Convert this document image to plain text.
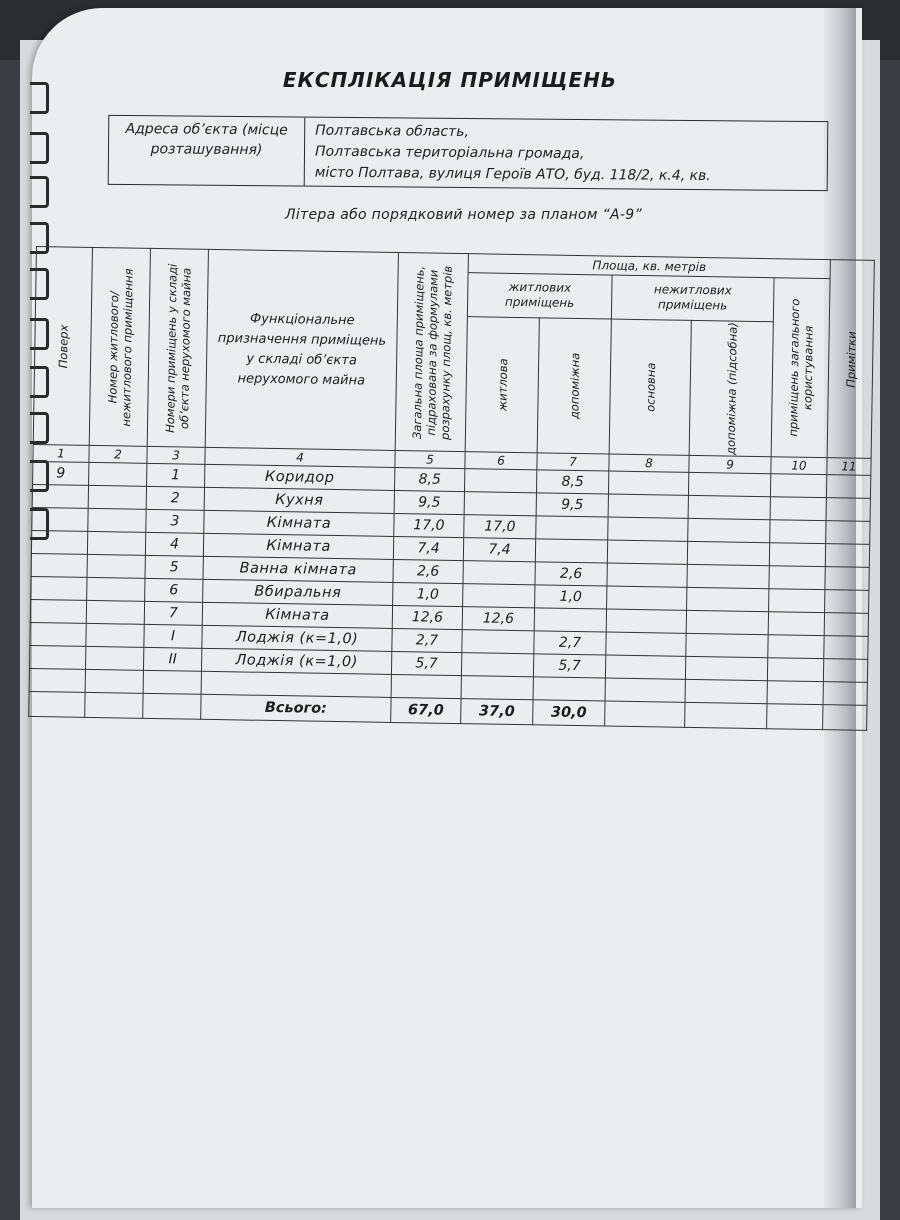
ЕКСПЛІКАЦІЯ ПРИМІЩЕНЬ
Адреса об’єкта (місце розташування)
Полтавська область,
Полтавська територіальна громада,
місто Полтава, вулиця Героїв АТО, буд. 118/2, к.4, кв.
Літера або порядковий номер за планом “А-9”
Поверх	Номер житлового/ нежитлового приміщення	Номери приміщень у складі об’єкта нерухомого майна	Функціональне призначення приміщень у складі об’єкта нерухомого майна	Загальна площа приміщень, підрахована за формулами розрахунку площ, кв. метрів	Площа, кв. метрів					Примітки

					житлових приміщень		нежитлових приміщень		приміщень загального користування	

					житлова	допоміжна	основна	допоміжна (підсобна)		

1	2	3	4	5	6	7	8	9	10	11
9		1	Коридор	8,5		8,5				
		2	Кухня	9,5		9,5				
		3	Кімната	17,0	17,0					
		4	Кімната	7,4	7,4					
		5	Ванна кімната	2,6		2,6				
		6	Вбиральня	1,0		1,0				
		7	Кімната	12,6	12,6					
		I	Лоджія (к=1,0)	2,7		2,7				
		II	Лоджія (к=1,0)	5,7		5,7				

			Всього:	67,0	37,0	30,0				
